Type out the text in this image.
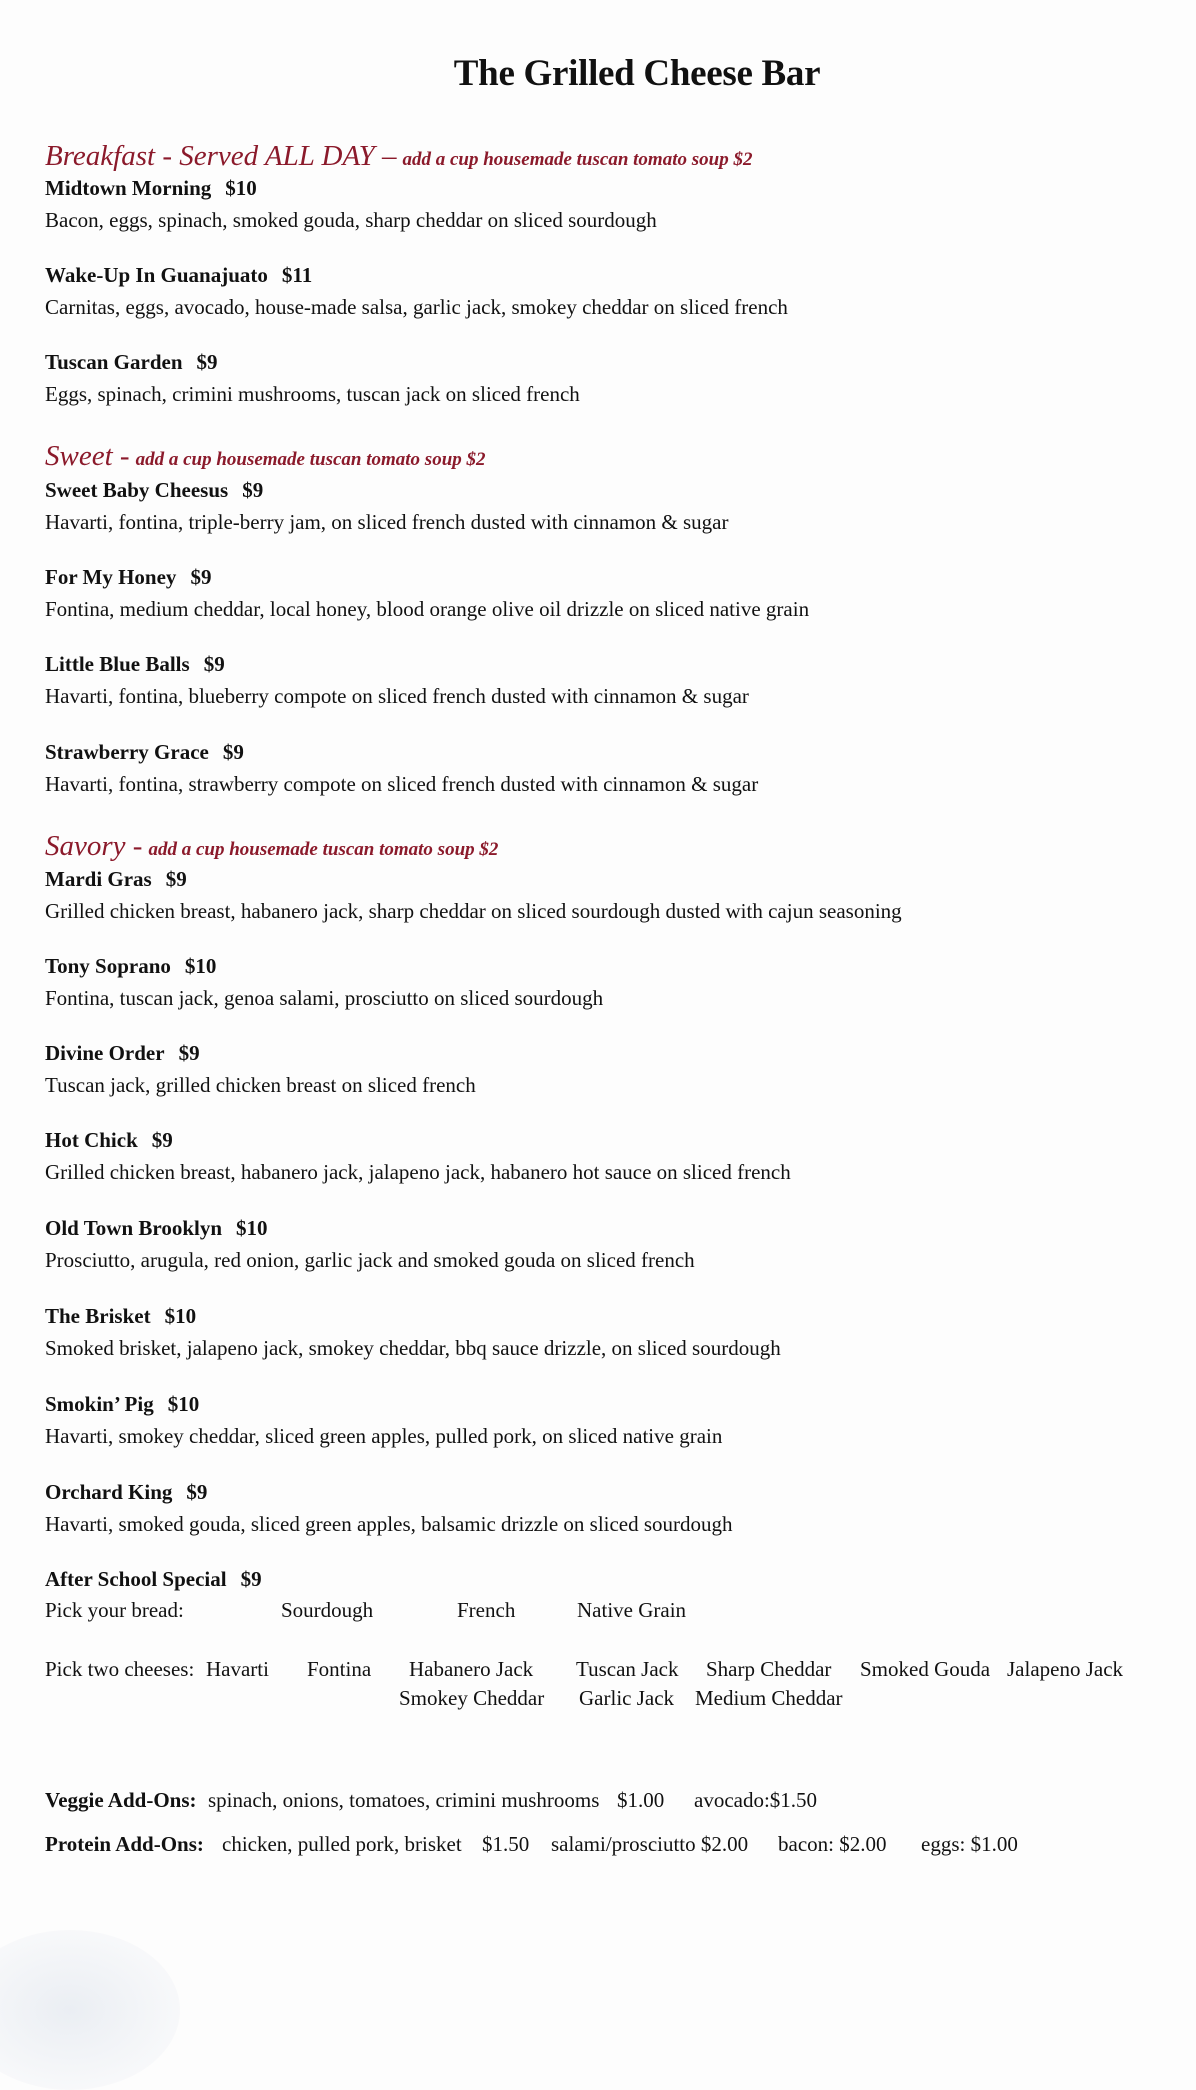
The Grilled Cheese Bar
Breakfast - Served ALL DAY – add a cup housemade tuscan tomato soup $2
Midtown Morning $10
Bacon, eggs, spinach, smoked gouda, sharp cheddar on sliced sourdough
Wake-Up In Guanajuato $11
Carnitas, eggs, avocado, house-made salsa, garlic jack, smokey cheddar on sliced french
Tuscan Garden $9
Eggs, spinach, crimini mushrooms, tuscan jack on sliced french
Sweet - add a cup housemade tuscan tomato soup $2
Sweet Baby Cheesus $9
Havarti, fontina, triple-berry jam, on sliced french dusted with cinnamon & sugar
For My Honey $9
Fontina, medium cheddar, local honey, blood orange olive oil drizzle on sliced native grain
Little Blue Balls $9
Havarti, fontina, blueberry compote on sliced french dusted with cinnamon & sugar
Strawberry Grace $9
Havarti, fontina, strawberry compote on sliced french dusted with cinnamon & sugar
Savory - add a cup housemade tuscan tomato soup $2
Mardi Gras $9
Grilled chicken breast, habanero jack, sharp cheddar on sliced sourdough dusted with cajun seasoning
Tony Soprano $10
Fontina, tuscan jack, genoa salami, prosciutto on sliced sourdough
Divine Order $9
Tuscan jack, grilled chicken breast on sliced french
Hot Chick $9
Grilled chicken breast, habanero jack, jalapeno jack, habanero hot sauce on sliced french
Old Town Brooklyn $10
Prosciutto, arugula, red onion, garlic jack and smoked gouda on sliced french
The Brisket $10
Smoked brisket, jalapeno jack, smokey cheddar, bbq sauce drizzle, on sliced sourdough
Smokin’ Pig $10
Havarti, smokey cheddar, sliced green apples, pulled pork, on sliced native grain
Orchard King $9
Havarti, smoked gouda, sliced green apples, balsamic drizzle on sliced sourdough
After School Special $9
Pick your bread:	Sourdough	French	Native Grain
Pick two cheeses: Havarti Fontina Habanero Jack Tuscan Jack Sharp Cheddar Smoked Gouda Jalapeno Jack
Smokey Cheddar Garlic Jack Medium Cheddar
Veggie Add-Ons: spinach, onions, tomatoes, crimini mushrooms $1.00 avocado:$1.50
Protein Add-Ons: chicken, pulled pork, brisket $1.50 salami/prosciutto $2.00 bacon: $2.00 eggs: $1.00
